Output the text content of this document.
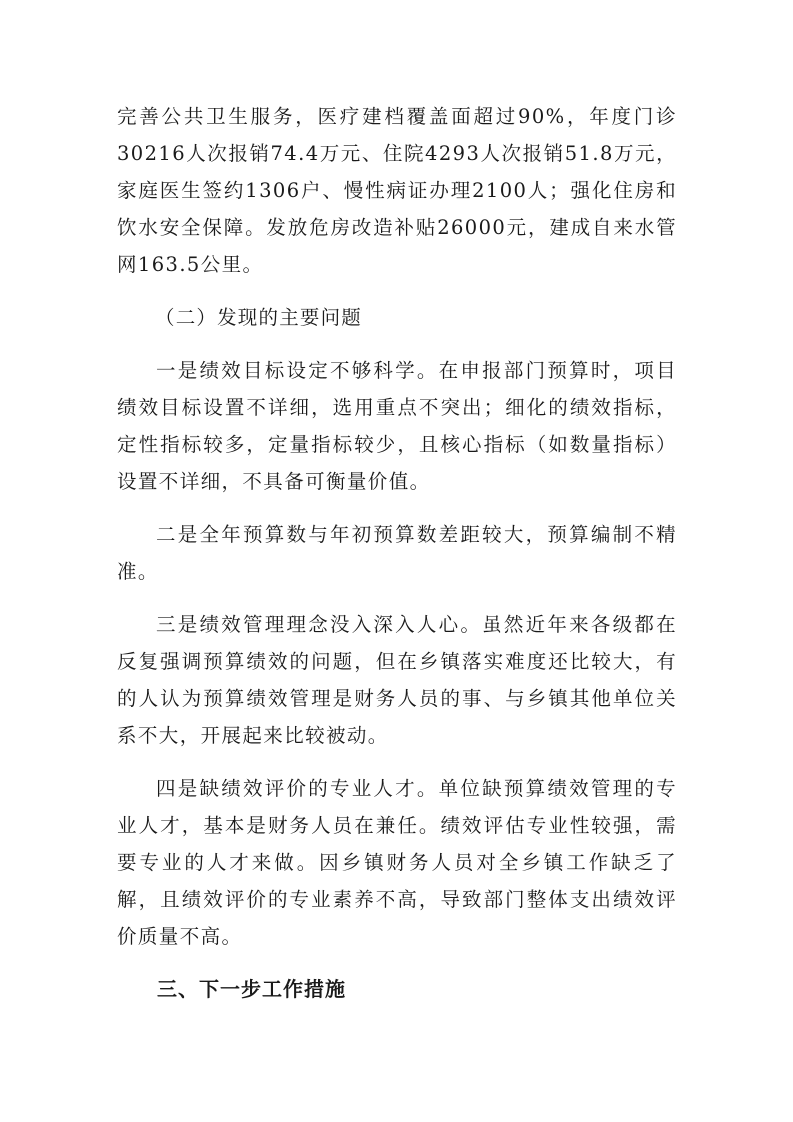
完善公共卫生服务，医疗建档覆盖面超过90%，年度门诊30216人次报销74.4万元、住院4293人次报销51.8万元，家庭医生签约1306户、慢性病证办理2100人；强化住房和饮水安全保障。发放危房改造补贴26000元，建成自来水管网163.5公里。

（二）发现的主要问题

一是绩效目标设定不够科学。在申报部门预算时，项目绩效目标设置不详细，选用重点不突出；细化的绩效指标，定性指标较多，定量指标较少，且核心指标（如数量指标）设置不详细，不具备可衡量价值。

二是全年预算数与年初预算数差距较大，预算编制不精准。

三是绩效管理理念没入深入人心。虽然近年来各级都在反复强调预算绩效的问题，但在乡镇落实难度还比较大，有的人认为预算绩效管理是财务人员的事、与乡镇其他单位关系不大，开展起来比较被动。

四是缺绩效评价的专业人才。单位缺预算绩效管理的专业人才，基本是财务人员在兼任。绩效评估专业性较强，需要专业的人才来做。因乡镇财务人员对全乡镇工作缺乏了解，且绩效评价的专业素养不高，导致部门整体支出绩效评价质量不高。

三、下一步工作措施
